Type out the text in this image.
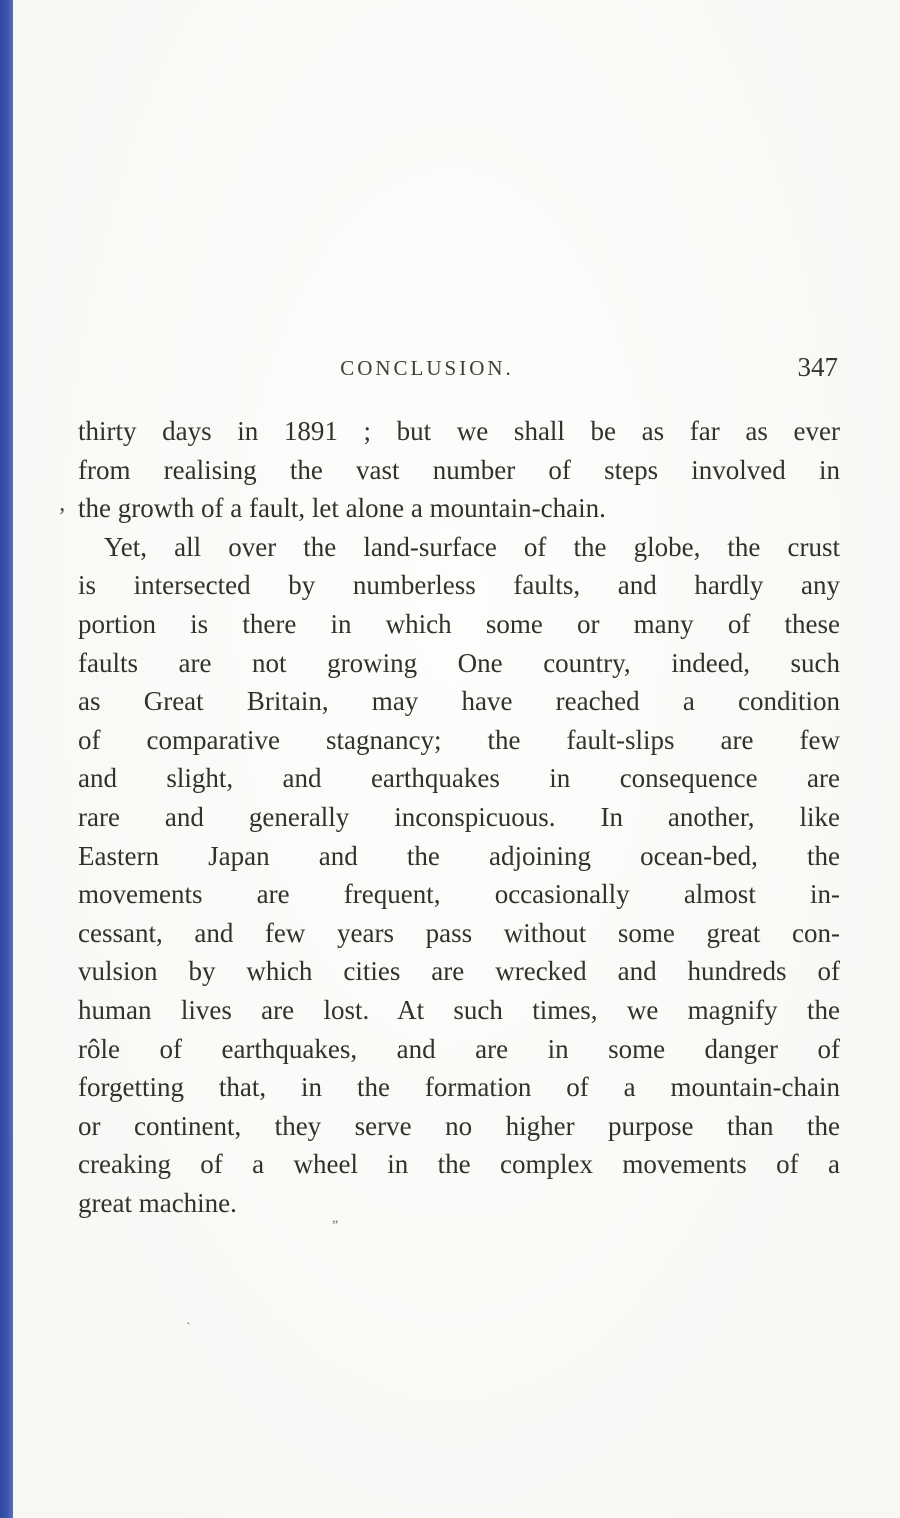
’
„
`
CONCLUSION.	347
thirty days in 1891 ; but we shall be as far as ever
from realising the vast number of steps involved in
the growth of a fault, let alone a mountain-chain.
Yet, all over the land-surface of the globe, the crust
is intersected by numberless faults, and hardly any
portion is there in which some or many of these
faults are not growing One country, indeed, such
as Great Britain, may have reached a condition
of comparative stagnancy; the fault-slips are few
and slight, and earthquakes in consequence are
rare and generally inconspicuous. In another, like
Eastern Japan and the adjoining ocean-bed, the
movements are frequent, occasionally almost in-
cessant, and few years pass without some great con-
vulsion by which cities are wrecked and hundreds of
human lives are lost. At such times, we magnify the
rôle of earthquakes, and are in some danger of
forgetting that, in the formation of a mountain-chain
or continent, they serve no higher purpose than the
creaking of a wheel in the complex movements of a
great machine.
